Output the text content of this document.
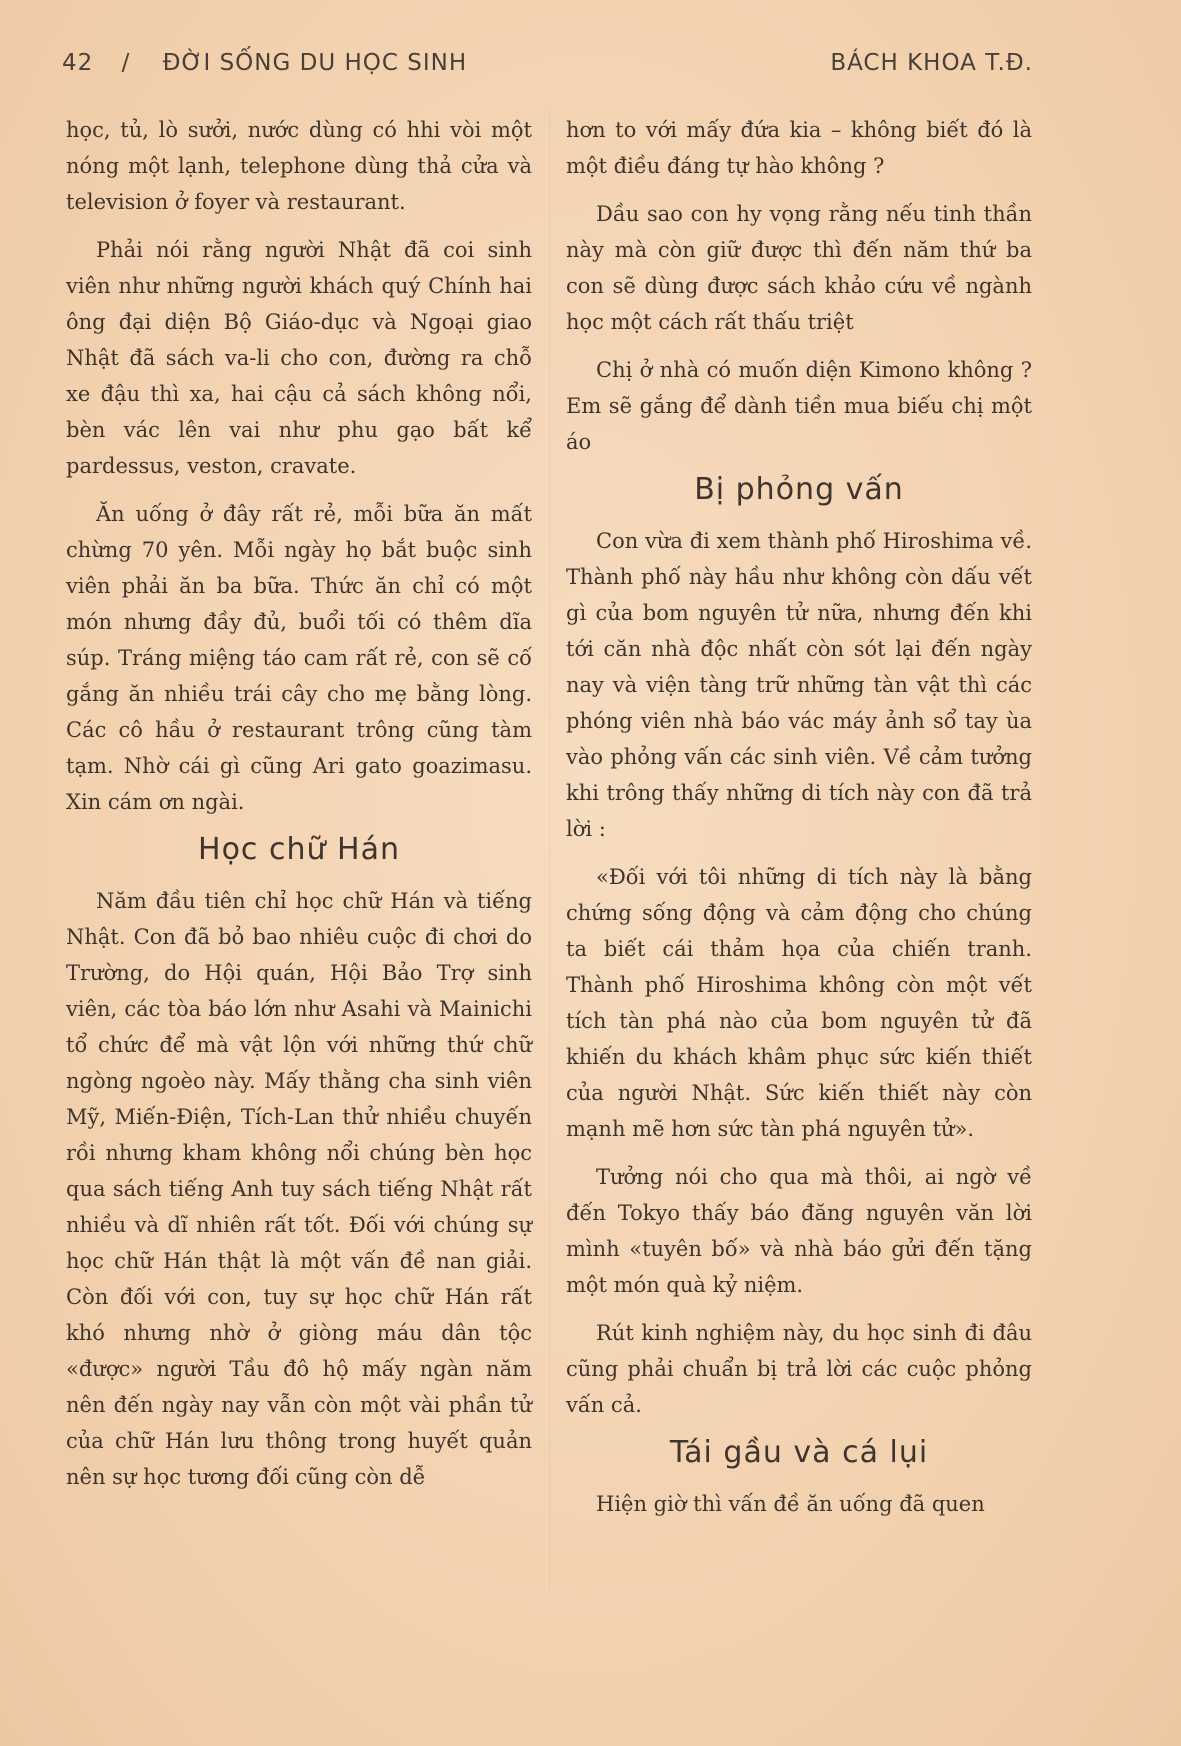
42 / ĐỜI SỐNG DU HỌC SINH	BÁCH KHOA T.Đ.

học, tủ, lò sưởi, nước dùng có hhi vòi một nóng một lạnh, telephone dùng thả cửa và television ở foyer và restaurant.

Phải nói rằng người Nhật đã coi sinh viên như những người khách quý Chính hai ông đại diện Bộ Giáo-dục và Ngoại giao Nhật đã sách va-li cho con, đường ra chỗ xe đậu thì xa, hai cậu cả sách không nổi, bèn vác lên vai như phu gạo bất kể pardessus, veston, cravate.

Ăn uống ở đây rất rẻ, mỗi bữa ăn mất chừng 70 yên. Mỗi ngày họ bắt buộc sinh viên phải ăn ba bữa. Thức ăn chỉ có một món nhưng đầy đủ, buổi tối có thêm dĩa súp. Tráng miệng táo cam rất rẻ, con sẽ cố gắng ăn nhiều trái cây cho mẹ bằng lòng. Các cô hầu ở restaurant trông cũng tàm tạm. Nhờ cái gì cũng Ari gato goazimasu. Xin cám ơn ngài.

Học chữ Hán

Năm đầu tiên chỉ học chữ Hán và tiếng Nhật. Con đã bỏ bao nhiêu cuộc đi chơi do Trường, do Hội quán, Hội Bảo Trợ sinh viên, các tòa báo lớn như Asahi và Mainichi tổ chức để mà vật lộn với những thứ chữ ngòng ngoèo này. Mấy thằng cha sinh viên Mỹ, Miến-Điện, Tích-Lan thử nhiều chuyến rồi nhưng kham không nổi chúng bèn học qua sách tiếng Anh tuy sách tiếng Nhật rất nhiều và dĩ nhiên rất tốt. Đối với chúng sự học chữ Hán thật là một vấn đề nan giải. Còn đối với con, tuy sự học chữ Hán rất khó nhưng nhờ ở giòng máu dân tộc «được» người Tầu đô hộ mấy ngàn năm nên đến ngày nay vẫn còn một vài phần tử của chữ Hán lưu thông trong huyết quản nên sự học tương đối cũng còn dễ

hơn to với mấy đứa kia – không biết đó là một điều đáng tự hào không ?

Dầu sao con hy vọng rằng nếu tinh thần này mà còn giữ được thì đến năm thứ ba con sẽ dùng được sách khảo cứu về ngành học một cách rất thấu triệt

Chị ở nhà có muốn diện Kimono không ? Em sẽ gắng để dành tiền mua biếu chị một áo

Bị phỏng vấn

Con vừa đi xem thành phố Hiroshima về. Thành phố này hầu như không còn dấu vết gì của bom nguyên tử nữa, nhưng đến khi tới căn nhà độc nhất còn sót lại đến ngày nay và viện tàng trữ những tàn vật thì các phóng viên nhà báo vác máy ảnh sổ tay ùa vào phỏng vấn các sinh viên. Về cảm tưởng khi trông thấy những di tích này con đã trả lời :

«Đối với tôi những di tích này là bằng chứng sống động và cảm động cho chúng ta biết cái thảm họa của chiến tranh. Thành phố Hiroshima không còn một vết tích tàn phá nào của bom nguyên tử đã khiến du khách khâm phục sức kiến thiết của người Nhật. Sức kiến thiết này còn mạnh mẽ hơn sức tàn phá nguyên tử».

Tưởng nói cho qua mà thôi, ai ngờ về đến Tokyo thấy báo đăng nguyên văn lời mình «tuyên bố» và nhà báo gửi đến tặng một món quà kỷ niệm.

Rút kinh nghiệm này, du học sinh đi đâu cũng phải chuẩn bị trả lời các cuộc phỏng vấn cả.

Tái gầu và cá lụi

Hiện giờ thì vấn đề ăn uống đã quen
